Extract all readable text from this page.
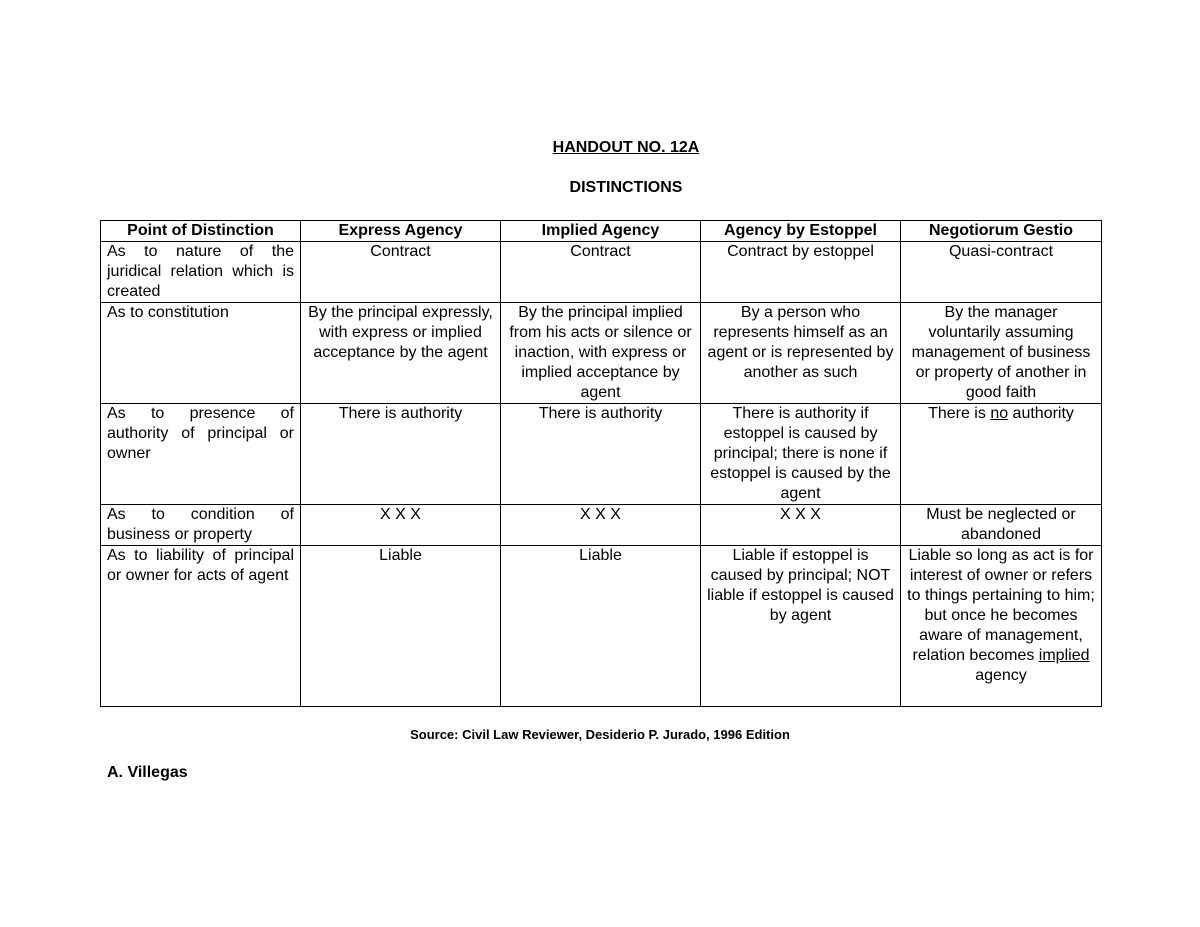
HANDOUT NO. 12A
DISTINCTIONS
Point of Distinction	Express Agency	Implied Agency	Agency by Estoppel	Negotiorum Gestio
As to nature of the juridical relation which is created	Contract	Contract	Contract by estoppel	Quasi-contract
As to constitution	By the principal expressly, with express or implied acceptance by the agent	By the principal implied from his acts or silence or inaction, with express or implied acceptance by agent	By a person who represents himself as an agent or is represented by another as such	By the manager voluntarily assuming management of business or property of another in good faith
As to presence of authority of principal or owner	There is authority	There is authority	There is authority if estoppel is caused by principal; there is none if estoppel is caused by the agent	There is no authority
As to condition of business or property	X X X	X X X	X X X	Must be neglected or abandoned
As to liability of principal or owner for acts of agent	Liable	Liable	Liable if estoppel is caused by principal; NOT liable if estoppel is caused by agent	Liable so long as act is for interest of owner or refers to things pertaining to him; but once he becomes aware of management, relation becomes implied agency
Source: Civil Law Reviewer, Desiderio P. Jurado, 1996 Edition
A. Villegas
